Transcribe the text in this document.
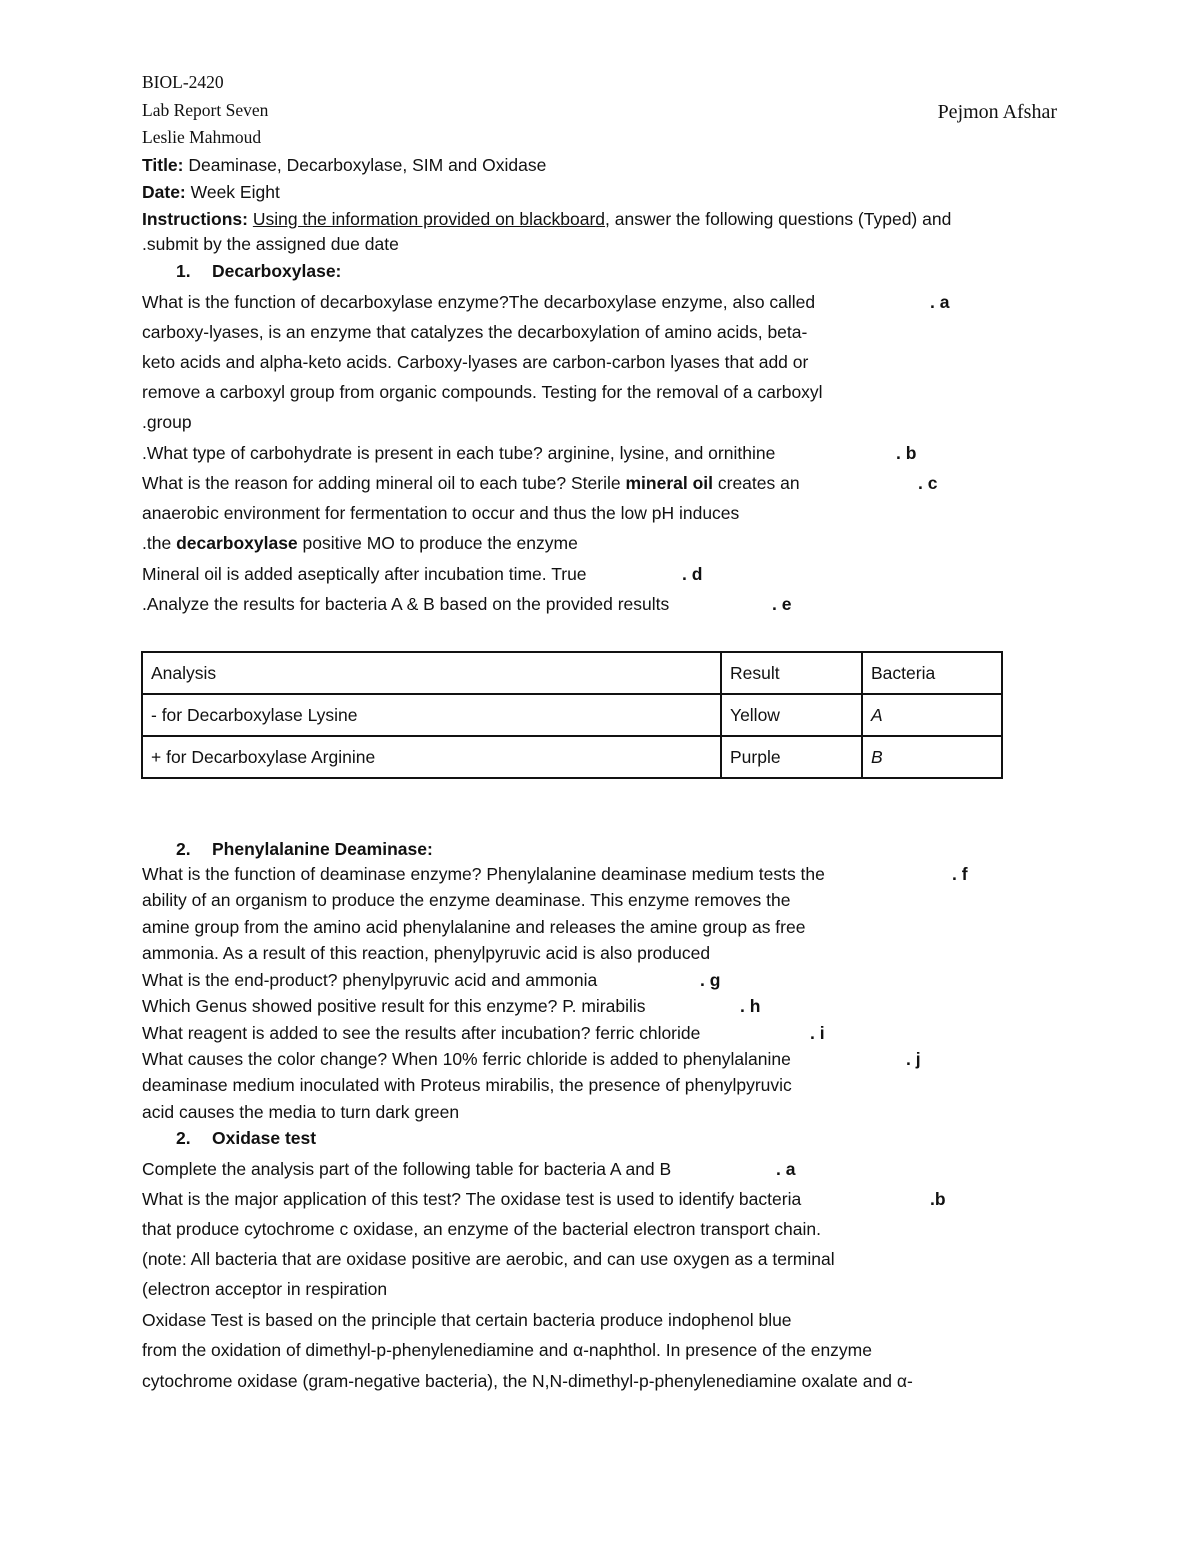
BIOL-2420
Lab Report Seven	Pejmon Afshar
Leslie Mahmoud
Title: Deaminase, Decarboxylase, SIM and Oxidase
Date: Week Eight
Instructions: Using the information provided on blackboard, answer the following questions (Typed) and
.submit by the assigned due date
1. Decarboxylase:
What is the function of decarboxylase enzyme?The decarboxylase enzyme, also called	. a
carboxy-lyases, is an enzyme that catalyzes the decarboxylation of amino acids, beta-
keto acids and alpha-keto acids. Carboxy-lyases are carbon-carbon lyases that add or
remove a carboxyl group from organic compounds. Testing for the removal of a carboxyl
.group
.What type of carbohydrate is present in each tube? arginine, lysine, and ornithine	. b
What is the reason for adding mineral oil to each tube? Sterile mineral oil creates an	. c
anaerobic environment for fermentation to occur and thus the low pH induces
.the decarboxylase positive MO to produce the enzyme
Mineral oil is added aseptically after incubation time. True	. d
.Analyze the results for bacteria A & B based on the provided results	. e
Analysis	Result	Bacteria
- for Decarboxylase Lysine	Yellow	A
+ for Decarboxylase Arginine	Purple	B
2. Phenylalanine Deaminase:
What is the function of deaminase enzyme? Phenylalanine deaminase medium tests the	. f
ability of an organism to produce the enzyme deaminase. This enzyme removes the
amine group from the amino acid phenylalanine and releases the amine group as free
ammonia. As a result of this reaction, phenylpyruvic acid is also produced
What is the end-product? phenylpyruvic acid and ammonia	. g
Which Genus showed positive result for this enzyme? P. mirabilis	. h
What reagent is added to see the results after incubation? ferric chloride	. i
What causes the color change? When 10% ferric chloride is added to phenylalanine	. j
deaminase medium inoculated with Proteus mirabilis, the presence of phenylpyruvic
acid causes the media to turn dark green
2. Oxidase test
Complete the analysis part of the following table for bacteria A and B	. a
What is the major application of this test? The oxidase test is used to identify bacteria	.b
that produce cytochrome c oxidase, an enzyme of the bacterial electron transport chain.
(note: All bacteria that are oxidase positive are aerobic, and can use oxygen as a terminal
(electron acceptor in respiration
Oxidase Test is based on the principle that certain bacteria produce indophenol blue
from the oxidation of dimethyl-p-phenylenediamine and α-naphthol. In presence of the enzyme
cytochrome oxidase (gram-negative bacteria), the N,N-dimethyl-p-phenylenediamine oxalate and α-
